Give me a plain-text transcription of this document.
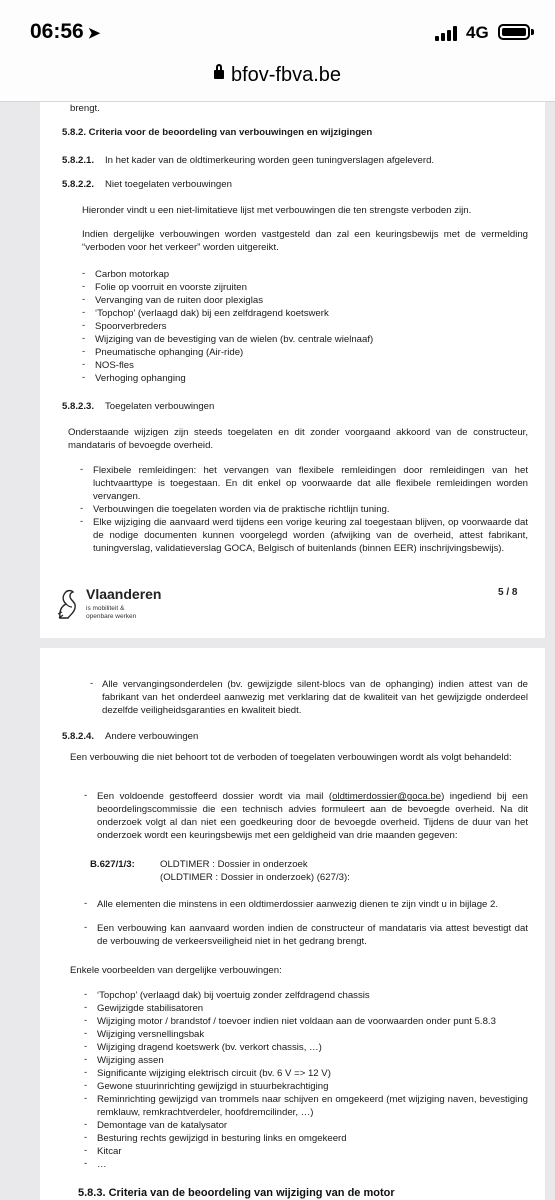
06:56 ➤	4G
bfov-fbva.be
brengt.
5.8.2. Criteria voor de beoordeling van verbouwingen en wijzigingen
5.8.2.1. In het kader van de oldtimerkeuring worden geen tuningverslagen afgeleverd.
5.8.2.2. Niet toegelaten verbouwingen
Hieronder vindt u een niet-limitatieve lijst met verbouwingen die ten strengste verboden zijn.
Indien dergelijke verbouwingen worden vastgesteld dan zal een keuringsbewijs met de vermelding “verboden voor het verkeer” worden uitgereikt.
- Carbon motorkap
- Folie op voorruit en voorste zijruiten
- Vervanging van de ruiten door plexiglas
- ‘Topchop’ (verlaagd dak) bij een zelfdragend koetswerk
- Spoorverbreders
- Wijziging van de bevestiging van de wielen (bv. centrale wielnaaf)
- Pneumatische ophanging (Air-ride)
- NOS-fles
- Verhoging ophanging
5.8.2.3. Toegelaten verbouwingen
Onderstaande wijzigen zijn steeds toegelaten en dit zonder voorgaand akkoord van de constructeur, mandataris of bevoegde overheid.
- Flexibele remleidingen: het vervangen van flexibele remleidingen door remleidingen van het luchtvaarttype is toegestaan. En dit enkel op voorwaarde dat alle flexibele remleidingen worden vervangen.
- Verbouwingen die toegelaten worden via de praktische richtlijn tuning.
- Elke wijziging die aanvaard werd tijdens een vorige keuring zal toegestaan blijven, op voorwaarde dat de nodige documenten kunnen voorgelegd worden (afwijking van de overheid, attest fabrikant, tuningverslag, validatieverslag GOCA, Belgisch of buitenlands (binnen EER) inschrijvingsbewijs).
Vlaanderen
is mobiliteit &
openbare werken
5 / 8
- Alle vervangingsonderdelen (bv. gewijzigde silent-blocs van de ophanging) indien attest van de fabrikant van het onderdeel aanwezig met verklaring dat de kwaliteit van het gewijzigde onderdeel dezelfde veiligheidsgaranties en kwaliteit biedt.
5.8.2.4. Andere verbouwingen
Een verbouwing die niet behoort tot de verboden of toegelaten verbouwingen wordt als volgt behandeld:
- Een voldoende gestoffeerd dossier wordt via mail (oldtimerdossier@goca.be) ingediend bij een beoordelingscommissie die een technisch advies formuleert aan de bevoegde overheid. Na dit onderzoek volgt al dan niet een goedkeuring door de bevoegde overheid. Tijdens de duur van het onderzoek wordt een keuringsbewijs met een geldigheid van drie maanden gegeven:
B.627/1/3:	OLDTIMER : Dossier in onderzoek
(OLDTIMER : Dossier in onderzoek) (627/3):
- Alle elementen die minstens in een oldtimerdossier aanwezig dienen te zijn vindt u in bijlage 2.
- Een verbouwing kan aanvaard worden indien de constructeur of mandataris via attest bevestigt dat de verbouwing de verkeersveiligheid niet in het gedrang brengt.
Enkele voorbeelden van dergelijke verbouwingen:
- ‘Topchop’ (verlaagd dak) bij voertuig zonder zelfdragend chassis
- Gewijzigde stabilisatoren
- Wijziging motor / brandstof / toevoer indien niet voldaan aan de voorwaarden onder punt 5.8.3
- Wijziging versnellingsbak
- Wijziging dragend koetswerk (bv. verkort chassis, …)
- Wijziging assen
- Significante wijziging elektrisch circuit (bv. 6 V => 12 V)
- Gewone stuurinrichting gewijzigd in stuurbekrachtiging
- Reminrichting gewijzigd van trommels naar schijven en omgekeerd (met wijziging naven, bevestiging remklauw, remkrachtverdeler, hoofdremcilinder, …)
- Demontage van de katalysator
- Besturing rechts gewijzigd in besturing links en omgekeerd
- Kitcar
- …
5.8.3. Criteria van de beoordeling van wijziging van de motor
